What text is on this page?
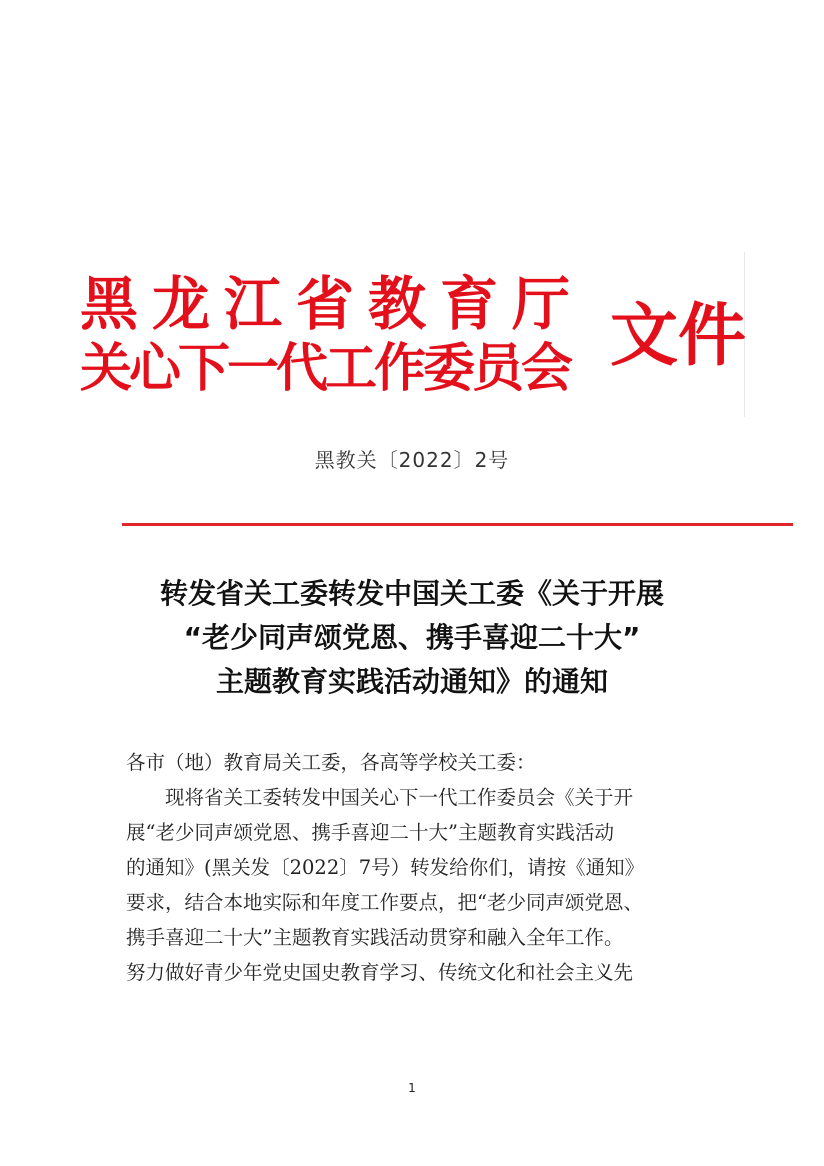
黑龙江省教育厅
关心下一代工作委员会 文件
黑教关〔2022〕2号
转发省关工委转发中国关工委《关于开展
“老少同声颂党恩、携手喜迎二十大”
主题教育实践活动通知》的通知
各市（地）教育局关工委，各高等学校关工委：
现将省关工委转发中国关心下一代工作委员会《关于开
展“老少同声颂党恩、携手喜迎二十大”主题教育实践活动
的通知》(黑关发〔2022〕7号）转发给你们，请按《通知》
要求，结合本地实际和年度工作要点，把“老少同声颂党恩、
携手喜迎二十大”主题教育实践活动贯穿和融入全年工作。
努力做好青少年党史国史教育学习、传统文化和社会主义先
1
